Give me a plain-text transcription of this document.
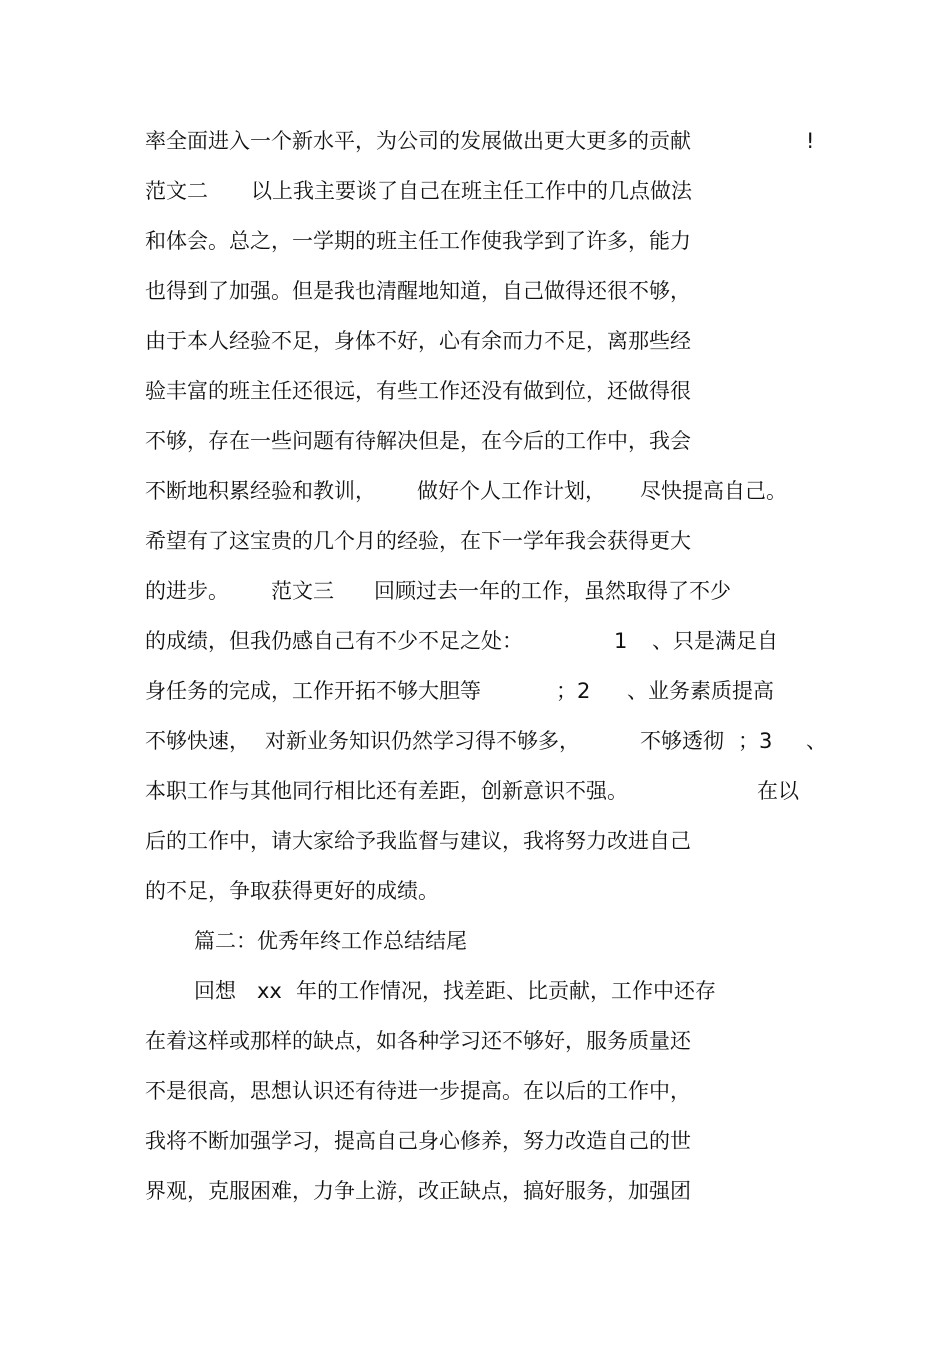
率全面进入一个新水平，为公司的发展做出更大更多的贡献	!
范文二 以上我主要谈了自己在班主任工作中的几点做法
和体会。总之，一学期的班主任工作使我学到了许多，能力
也得到了加强。但是我也清醒地知道，自己做得还很不够，
由于本人经验不足，身体不好，心有余而力不足，离那些经
验丰富的班主任还很远，有些工作还没有做到位，还做得很
不够，存在一些问题有待解决但是，在今后的工作中，我会
不断地积累经验和教训， 做好个人工作计划， 尽快提高自己。
希望有了这宝贵的几个月的经验，在下一学年我会获得更大
的进步。 范文三 回顾过去一年的工作，虽然取得了不少
的成绩，但我仍感自己有不少不足之处：	1 、只是满足自
身任务的完成，工作开拓不够大胆等	；2 、业务素质提高
不够快速， 对新业务知识仍然学习得不够多，	不够透彻 ；3 、
本职工作与其他同行相比还有差距，创新意识不强。	在以
后的工作中，请大家给予我监督与建议，我将努力改进自己
的不足，争取获得更好的成绩。
篇二：优秀年终工作总结结尾
回想 xx 年的工作情况，找差距、比贡献，工作中还存
在着这样或那样的缺点，如各种学习还不够好，服务质量还
不是很高，思想认识还有待进一步提高。在以后的工作中，
我将不断加强学习，提高自己身心修养，努力改造自己的世
界观，克服困难，力争上游，改正缺点，搞好服务，加强团
